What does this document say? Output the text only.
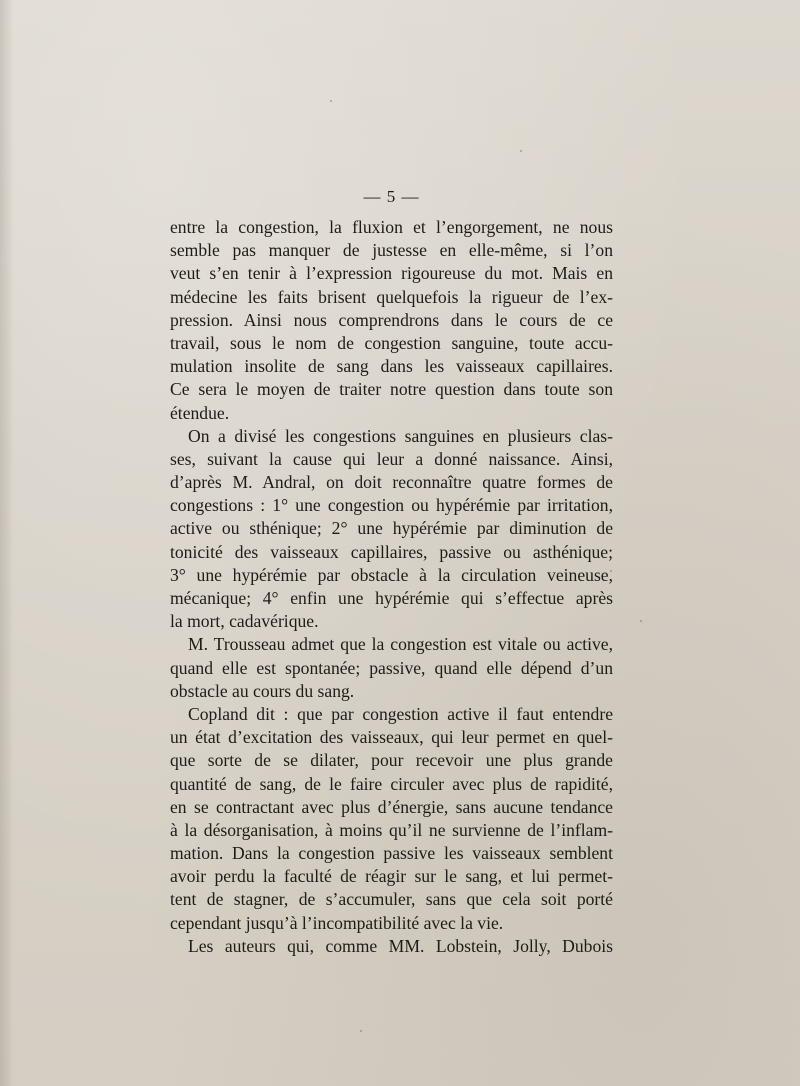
— 5 —
entre la congestion, la fluxion et l’engorgement, ne nous
semble pas manquer de justesse en elle-même, si l’on
veut s’en tenir à l’expression rigoureuse du mot. Mais en
médecine les faits brisent quelquefois la rigueur de l’ex-
pression. Ainsi nous comprendrons dans le cours de ce
travail, sous le nom de congestion sanguine, toute accu-
mulation insolite de sang dans les vaisseaux capillaires.
Ce sera le moyen de traiter notre question dans toute son
étendue.
On a divisé les congestions sanguines en plusieurs clas-
ses, suivant la cause qui leur a donné naissance. Ainsi,
d’après M. Andral, on doit reconnaître quatre formes de
congestions : 1° une congestion ou hypérémie par irritation,
active ou sthénique; 2° une hypérémie par diminution de
tonicité des vaisseaux capillaires, passive ou asthénique;
3° une hypérémie par obstacle à la circulation veineuse,
mécanique; 4° enfin une hypérémie qui s’effectue après
la mort, cadavérique.
M. Trousseau admet que la congestion est vitale ou active,
quand elle est spontanée; passive, quand elle dépend d’un
obstacle au cours du sang.
Copland dit : que par congestion active il faut entendre
un état d’excitation des vaisseaux, qui leur permet en quel-
que sorte de se dilater, pour recevoir une plus grande
quantité de sang, de le faire circuler avec plus de rapidité,
en se contractant avec plus d’énergie, sans aucune tendance
à la désorganisation, à moins qu’il ne survienne de l’inflam-
mation. Dans la congestion passive les vaisseaux semblent
avoir perdu la faculté de réagir sur le sang, et lui permet-
tent de stagner, de s’accumuler, sans que cela soit porté
cependant jusqu’à l’incompatibilité avec la vie.
Les auteurs qui, comme MM. Lobstein, Jolly, Dubois
